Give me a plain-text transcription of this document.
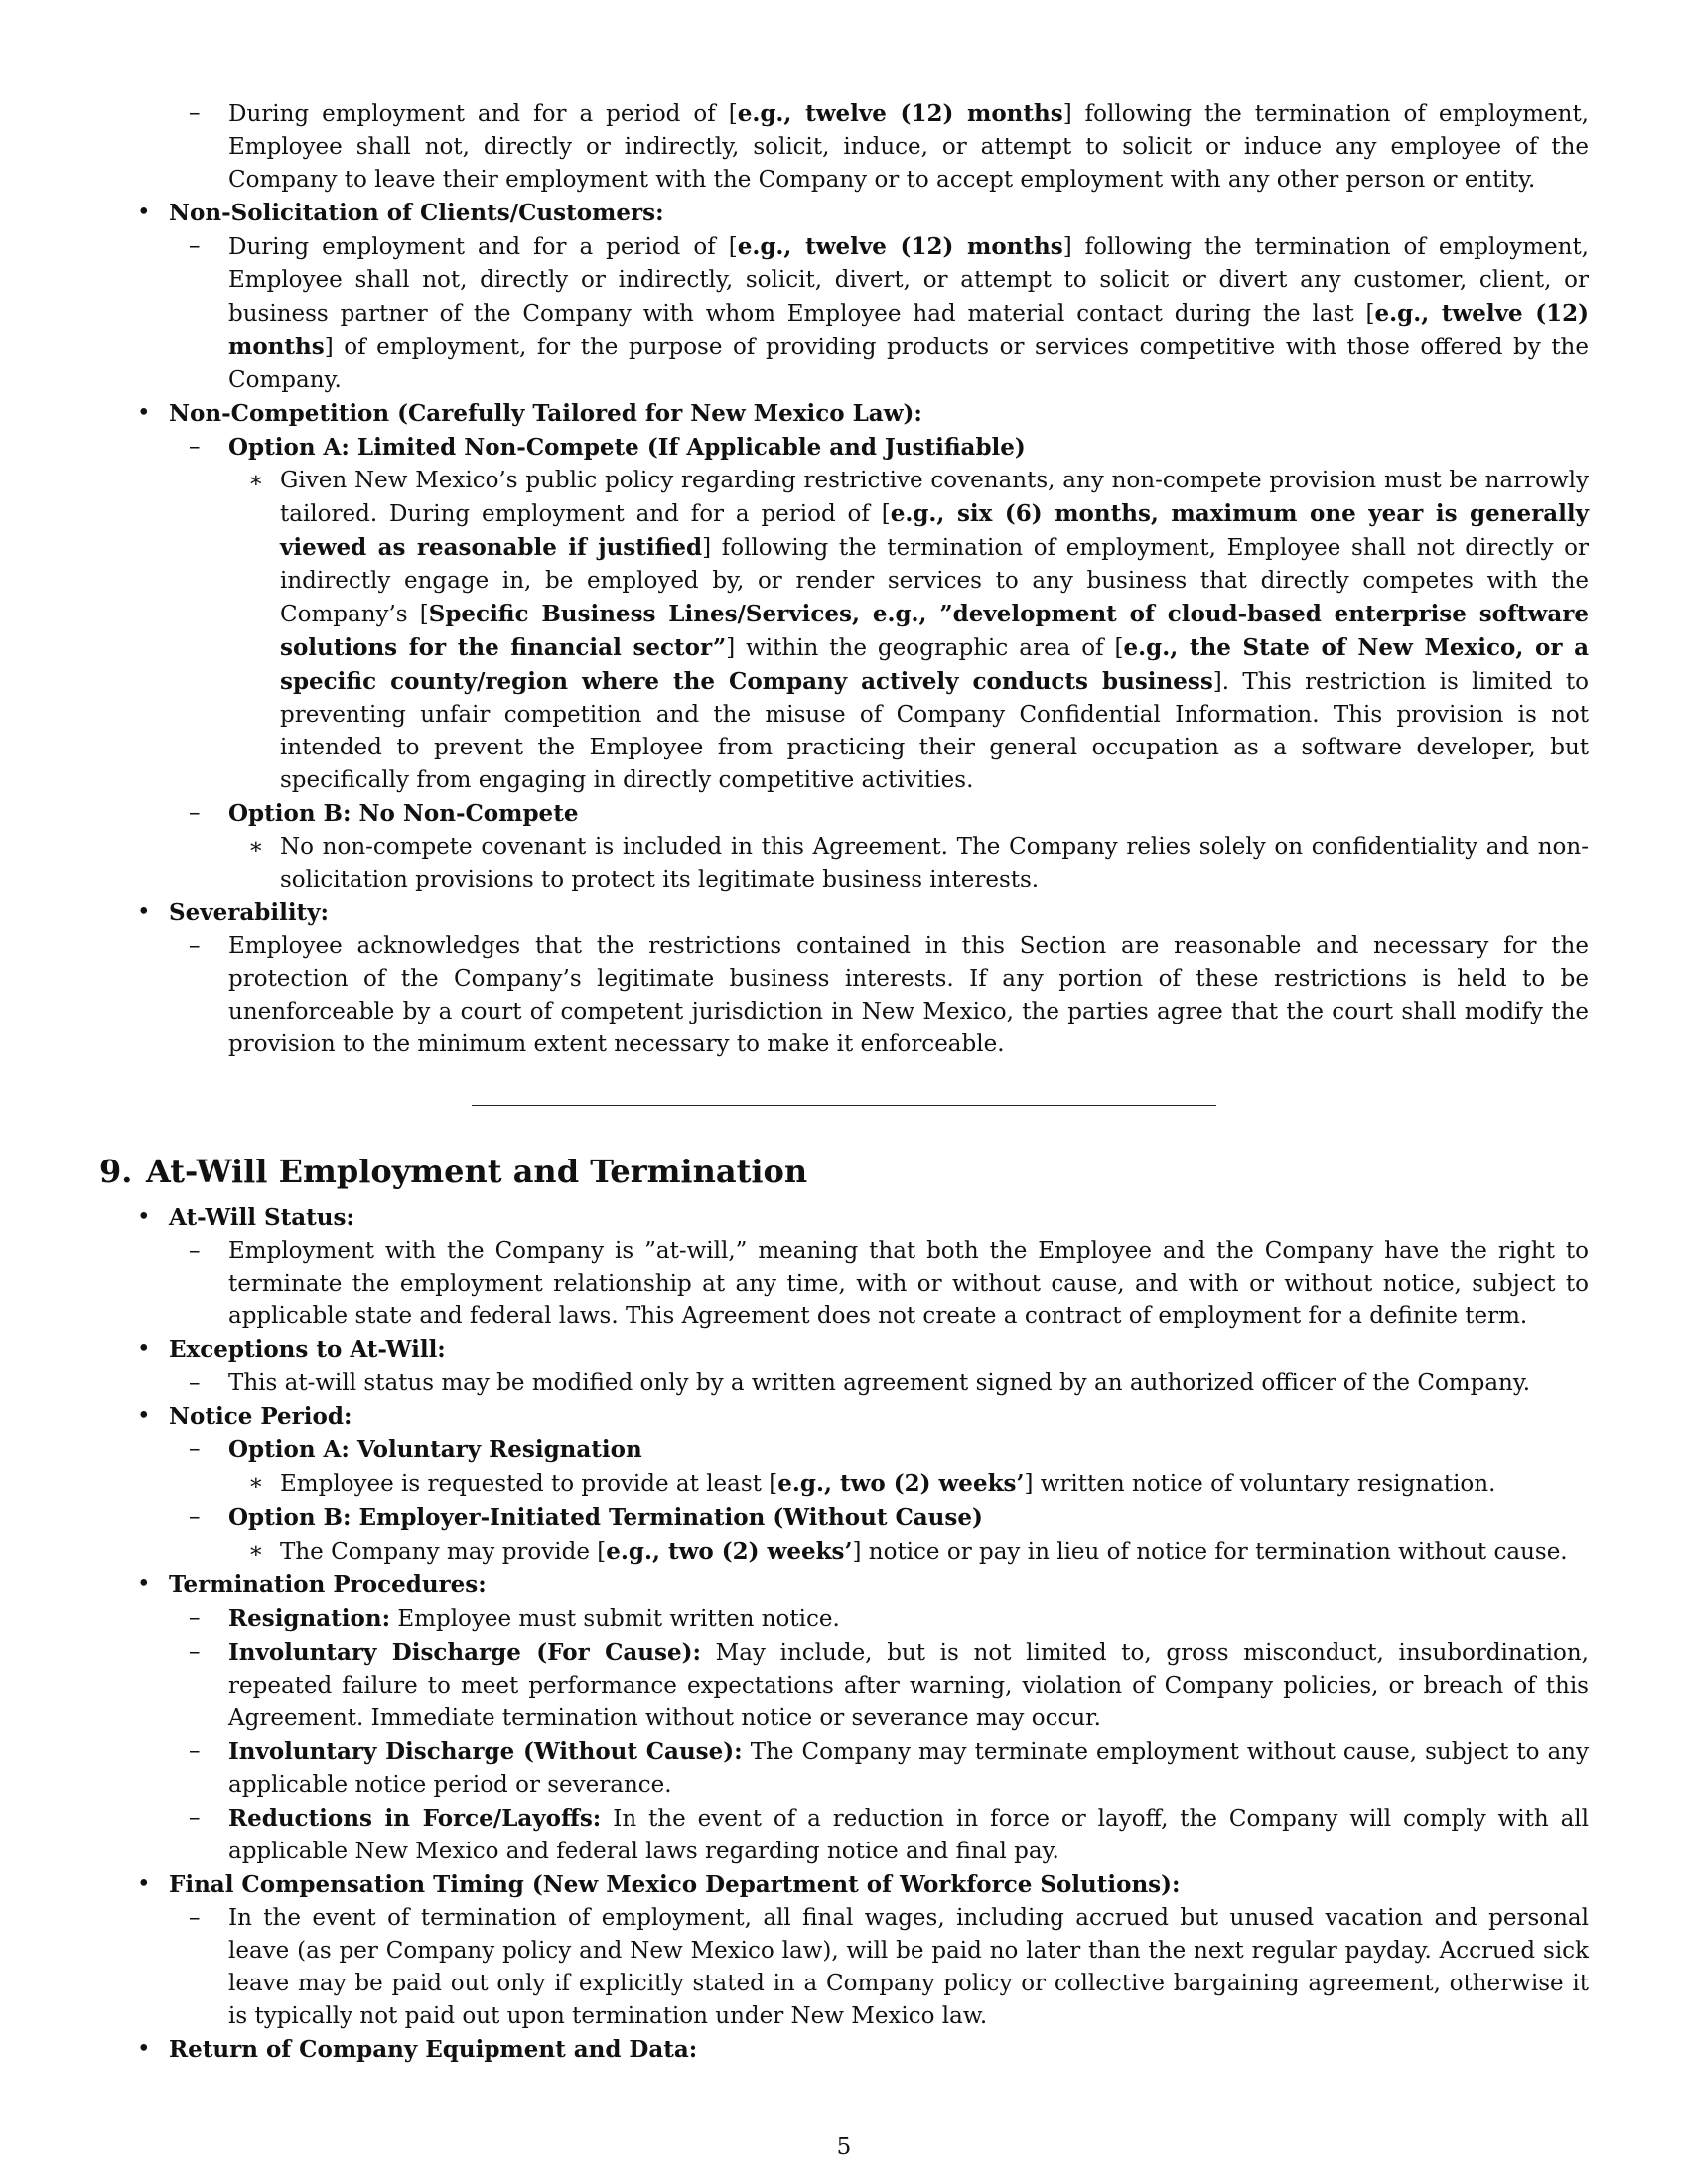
– During employment and for a period of [e.g., twelve (12) months] following the termination of employment, Employee shall not, directly or indirectly, solicit, induce, or attempt to solicit or induce any employee of the Company to leave their employment with the Company or to accept employment with any other person or entity.
• Non-Solicitation of Clients/Customers:
– During employment and for a period of [e.g., twelve (12) months] following the termination of employment, Employee shall not, directly or indirectly, solicit, divert, or attempt to solicit or divert any customer, client, or business partner of the Company with whom Employee had material contact during the last [e.g., twelve (12) months] of employment, for the purpose of providing products or services competitive with those offered by the Company.
• Non-Competition (Carefully Tailored for New Mexico Law):
– Option A: Limited Non-Compete (If Applicable and Justifiable)
∗ Given New Mexico’s public policy regarding restrictive covenants, any non-compete provision must be narrowly tailored. During employment and for a period of [e.g., six (6) months, maximum one year is generally viewed as reasonable if justified] following the termination of employment, Employee shall not directly or indirectly engage in, be employed by, or render services to any business that directly competes with the Company’s [Specific Business Lines/Services, e.g., ”development of cloud-based enterprise software solutions for the financial sector”] within the geographic area of [e.g., the State of New Mexico, or a specific county/region where the Company actively conducts business]. This restriction is limited to preventing unfair competition and the misuse of Company Confidential Information. This provision is not intended to prevent the Employee from practicing their general occupation as a software developer, but specifically from engaging in directly competitive activities.
– Option B: No Non-Compete
∗ No non-compete covenant is included in this Agreement. The Company relies solely on confidentiality and non-solicitation provisions to protect its legitimate business interests.
• Severability:
– Employee acknowledges that the restrictions contained in this Section are reasonable and necessary for the protection of the Company’s legitimate business interests. If any portion of these restrictions is held to be unenforceable by a court of competent jurisdiction in New Mexico, the parties agree that the court shall modify the provision to the minimum extent necessary to make it enforceable.
9. At-Will Employment and Termination
• At-Will Status:
– Employment with the Company is ”at-will,” meaning that both the Employee and the Company have the right to terminate the employment relationship at any time, with or without cause, and with or without notice, subject to applicable state and federal laws. This Agreement does not create a contract of employment for a definite term.
• Exceptions to At-Will:
– This at-will status may be modified only by a written agreement signed by an authorized officer of the Company.
• Notice Period:
– Option A: Voluntary Resignation
∗ Employee is requested to provide at least [e.g., two (2) weeks’] written notice of voluntary resignation.
– Option B: Employer-Initiated Termination (Without Cause)
∗ The Company may provide [e.g., two (2) weeks’] notice or pay in lieu of notice for termination without cause.
• Termination Procedures:
– Resignation: Employee must submit written notice.
– Involuntary Discharge (For Cause): May include, but is not limited to, gross misconduct, insubordination, repeated failure to meet performance expectations after warning, violation of Company policies, or breach of this Agreement. Immediate termination without notice or severance may occur.
– Involuntary Discharge (Without Cause): The Company may terminate employment without cause, subject to any applicable notice period or severance.
– Reductions in Force/Layoffs: In the event of a reduction in force or layoff, the Company will comply with all applicable New Mexico and federal laws regarding notice and final pay.
• Final Compensation Timing (New Mexico Department of Workforce Solutions):
– In the event of termination of employment, all final wages, including accrued but unused vacation and personal leave (as per Company policy and New Mexico law), will be paid no later than the next regular payday. Accrued sick leave may be paid out only if explicitly stated in a Company policy or collective bargaining agreement, otherwise it is typically not paid out upon termination under New Mexico law.
• Return of Company Equipment and Data:
5
